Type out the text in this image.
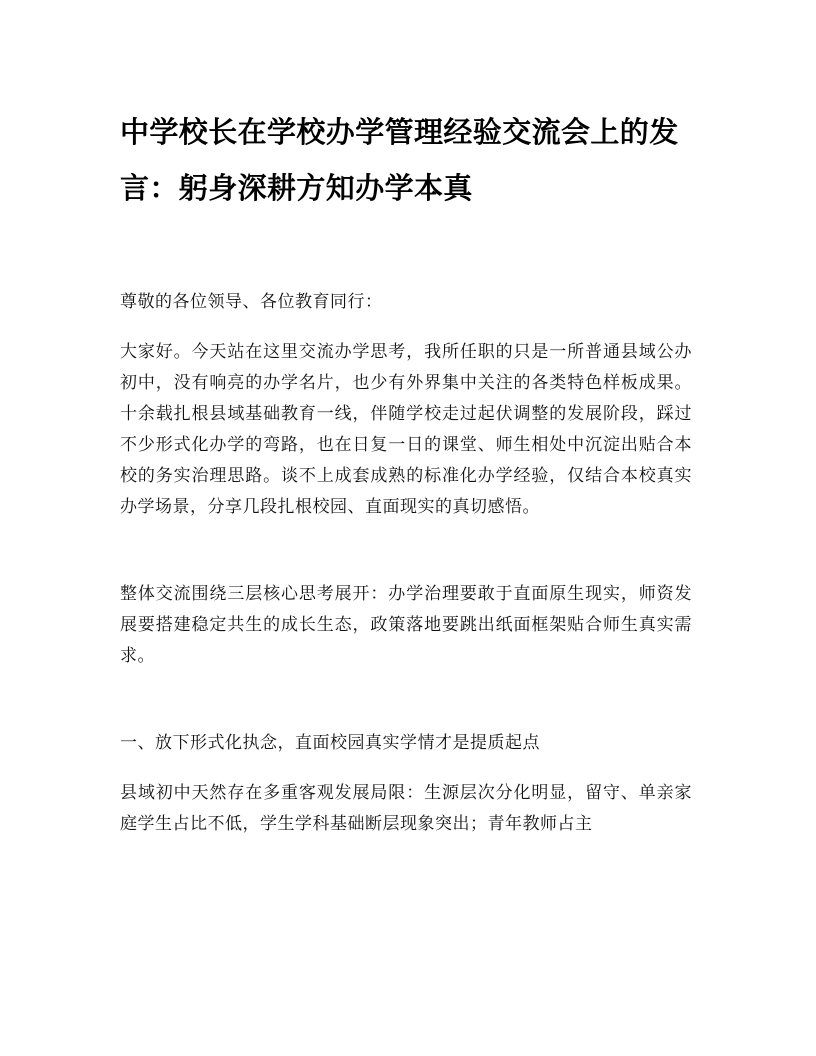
中学校长在学校办学管理经验交流会上的发言：躬身深耕方知办学本真

尊敬的各位领导、各位教育同行：

大家好。今天站在这里交流办学思考，我所任职的只是一所普通县域公办初中，没有响亮的办学名片，也少有外界集中关注的各类特色样板成果。十余载扎根县域基础教育一线，伴随学校走过起伏调整的发展阶段，踩过不少形式化办学的弯路，也在日复一日的课堂、师生相处中沉淀出贴合本校的务实治理思路。谈不上成套成熟的标准化办学经验，仅结合本校真实办学场景，分享几段扎根校园、直面现实的真切感悟。

整体交流围绕三层核心思考展开：办学治理要敢于直面原生现实，师资发展要搭建稳定共生的成长生态，政策落地要跳出纸面框架贴合师生真实需求。

一、放下形式化执念，直面校园真实学情才是提质起点

县域初中天然存在多重客观发展局限：生源层次分化明显，留守、单亲家庭学生占比不低，学生学科基础断层现象突出；青年教师占主
